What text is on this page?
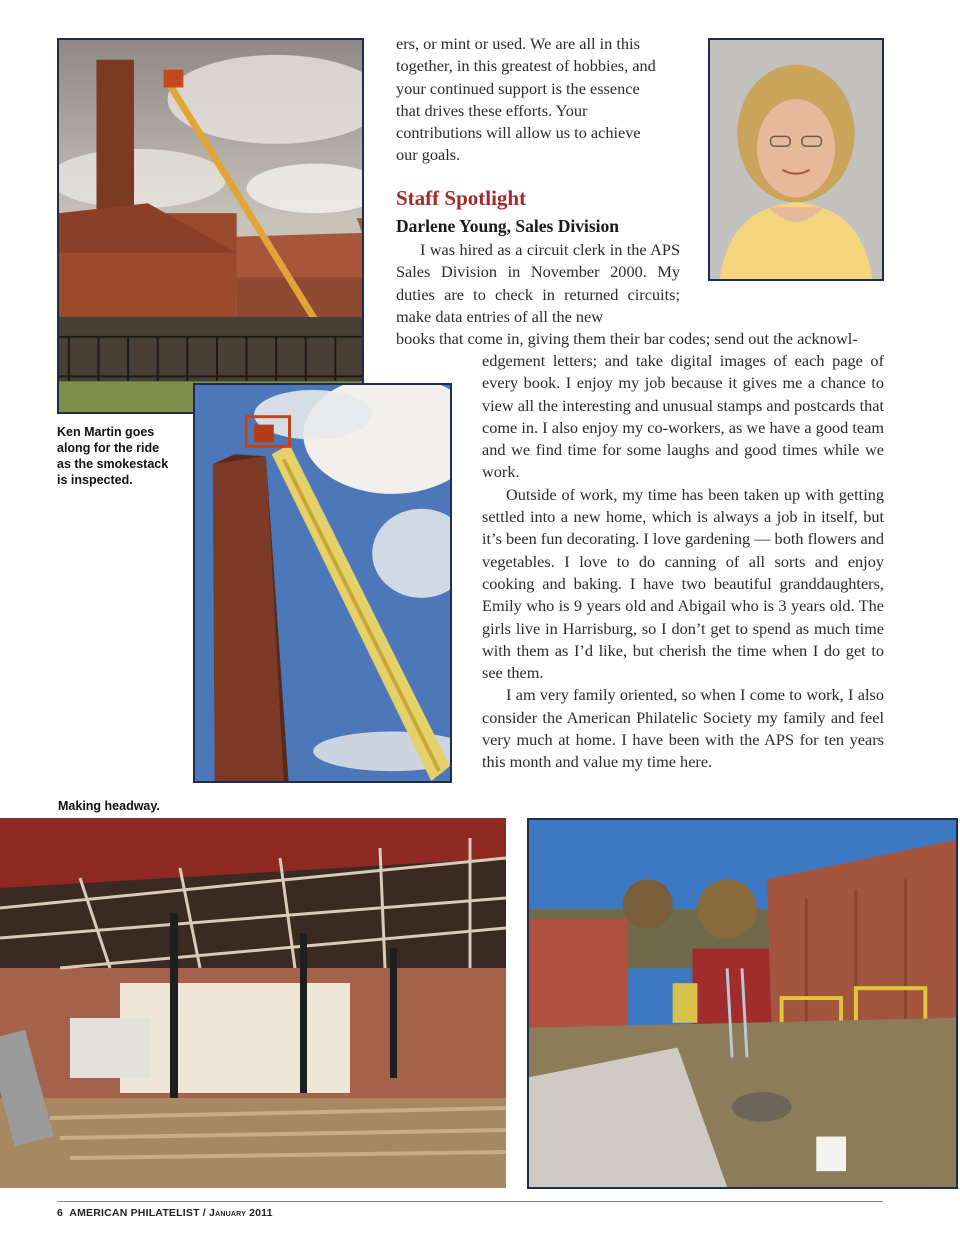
Ken Martin goes along for the ride as the smokestack is inspected.
ers, or mint or used. We are all in this together, in this greatest of hobbies, and your continued support is the essence that drives these efforts. Your contributions will allow us to achieve our goals.
Staff Spotlight
Darlene Young, Sales Division
I was hired as a circuit clerk in the APS Sales Division in November 2000. My duties are to check in returned circuits; make data entries of all the new
books that come in, giving them their bar codes; send out the acknowl-

edgement letters; and take digital images of each page of every book. I enjoy my job because it gives me a chance to view all the interesting and unusual stamps and postcards that come in. I also enjoy my co-workers, as we have a good team and we find time for some laughs and good times while we work.

Outside of work, my time has been taken up with getting settled into a new home, which is always a job in itself, but it’s been fun decorating. I love gardening — both flowers and vegetables. I love to do canning of all sorts and enjoy cooking and baking. I have two beautiful granddaughters, Emily who is 9 years old and Abigail who is 3 years old. The girls live in Harrisburg, so I don’t get to spend as much time with them as I’d like, but cherish the time when I do get to see them.

I am very family oriented, so when I come to work, I also consider the American Philatelic Society my family and feel very much at home. I have been with the APS for ten years this month and value my time here.

Making headway.
6 AMERICAN PHILATELIST / January 2011
